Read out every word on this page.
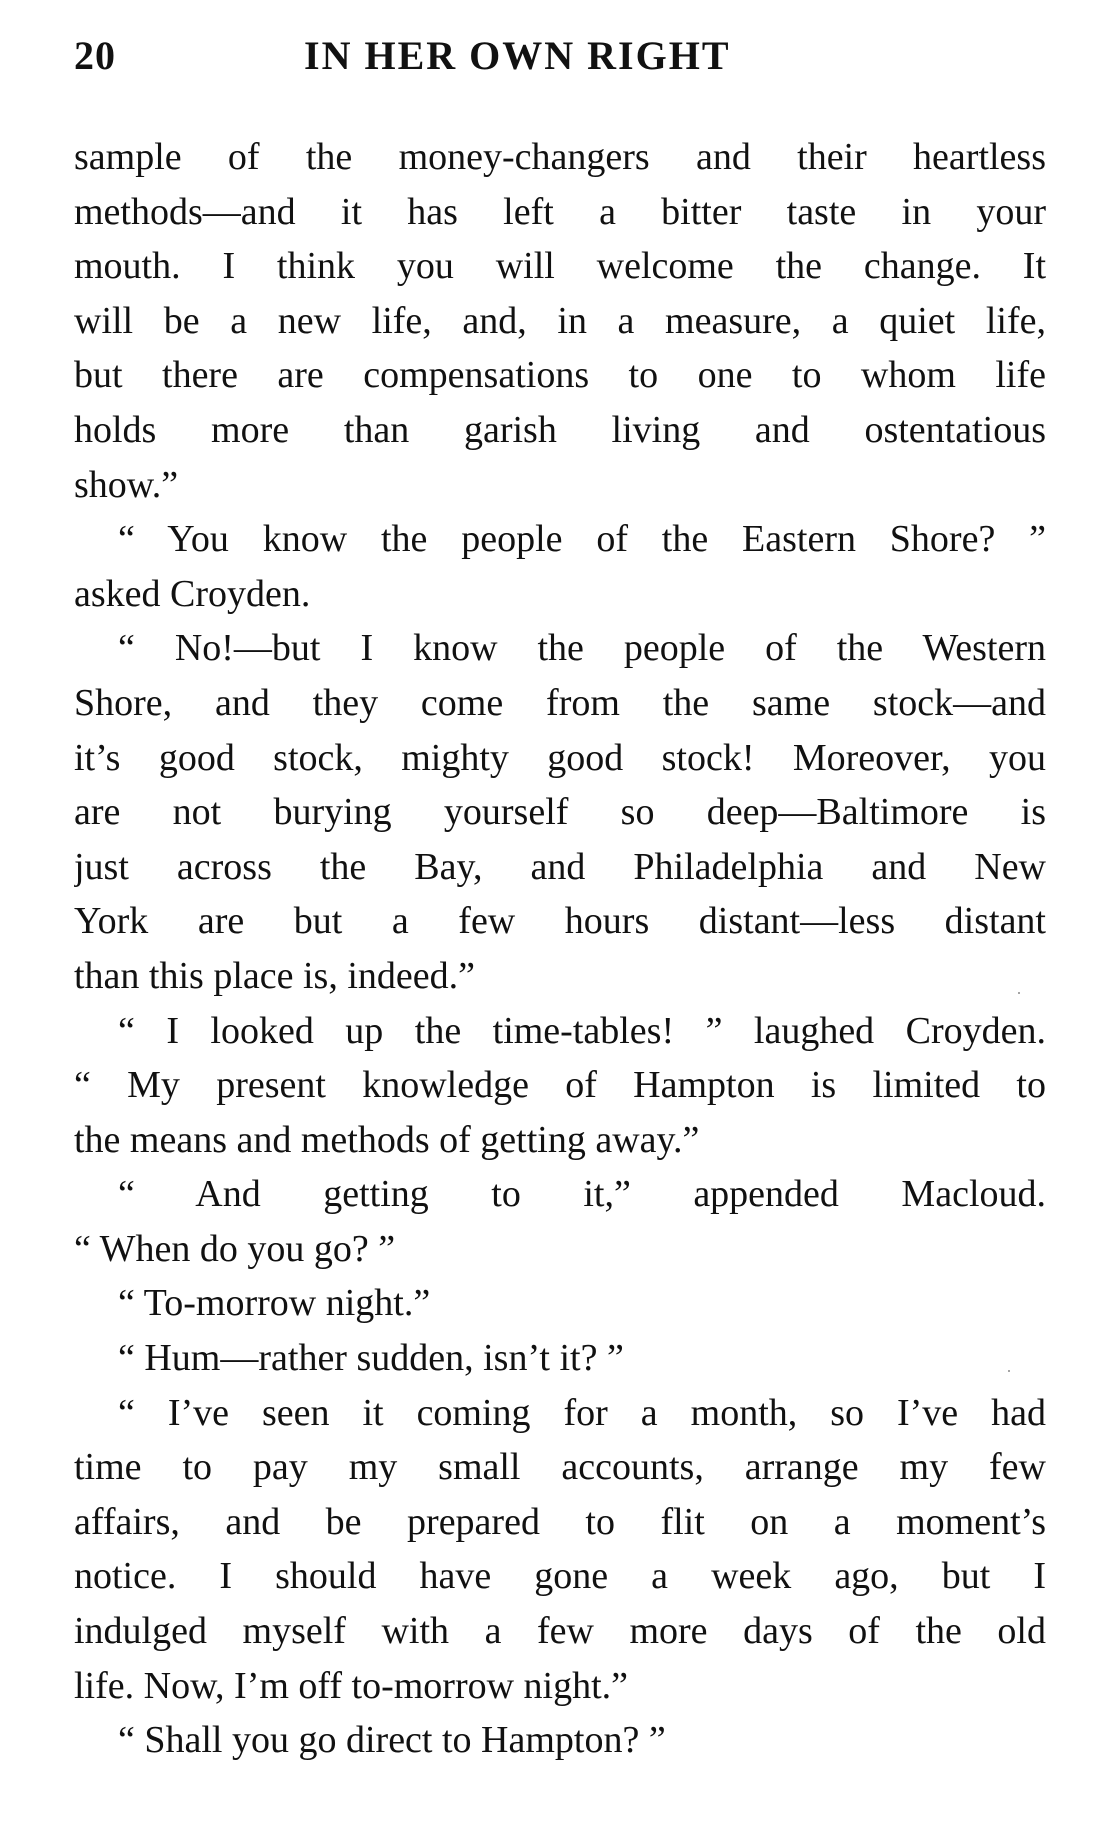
20	IN HER OWN RIGHT
sample of the money-changers and their heartless
methods—and it has left a bitter taste in your
mouth. I think you will welcome the change. It
will be a new life, and, in a measure, a quiet life,
but there are compensations to one to whom life
holds more than garish living and ostentatious
show.”
“ You know the people of the Eastern Shore? ”
asked Croyden.
“ No!—but I know the people of the Western
Shore, and they come from the same stock—and
it’s good stock, mighty good stock! Moreover, you
are not burying yourself so deep—Baltimore is
just across the Bay, and Philadelphia and New
York are but a few hours distant—less distant
than this place is, indeed.”
“ I looked up the time-tables! ” laughed Croyden.
“ My present knowledge of Hampton is limited to
the means and methods of getting away.”
“ And getting to it,” appended Macloud.
“ When do you go? ”
“ To-morrow night.”
“ Hum—rather sudden, isn’t it? ”
“ I’ve seen it coming for a month, so I’ve had
time to pay my small accounts, arrange my few
affairs, and be prepared to flit on a moment’s
notice. I should have gone a week ago, but I
indulged myself with a few more days of the old
life. Now, I’m off to-morrow night.”
“ Shall you go direct to Hampton? ”
